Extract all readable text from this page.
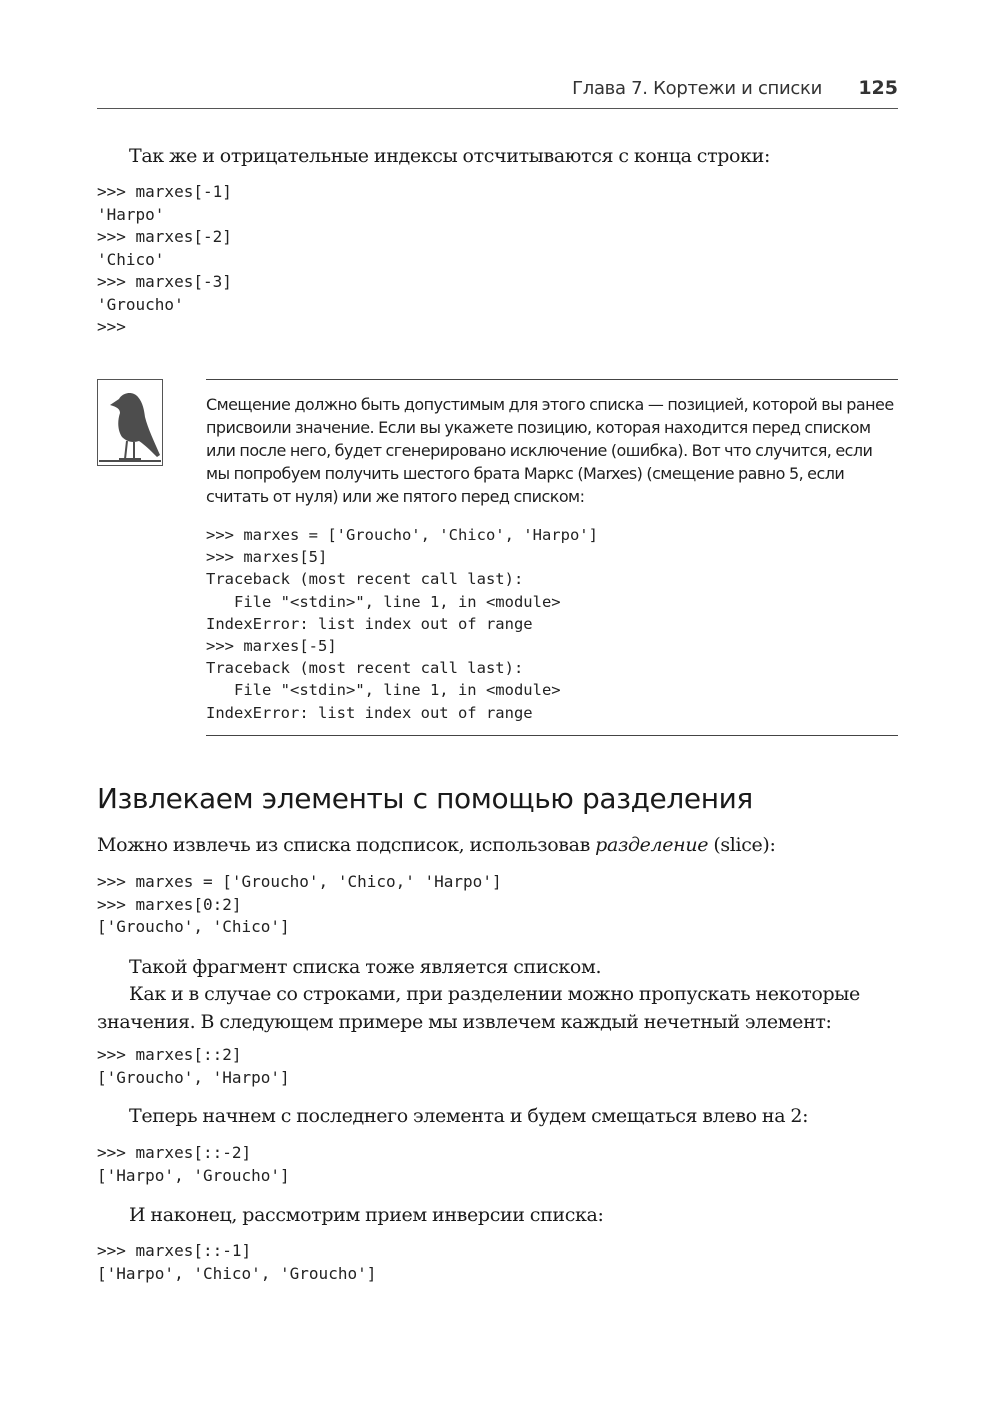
Глава 7. Кортежи и списки 125

Так же и отрицательные индексы отсчитываются с конца строки:

>>> marxes[-1]
'Harpo'
>>> marxes[-2]
'Chico'
>>> marxes[-3]
'Groucho'
>>>

Смещение должно быть допустимым для этого списка — позицией, которой вы ранее присвоили значение. Если вы укажете позицию, которая находится перед списком или после него, будет сгенерировано исключение (ошибка). Вот что случится, если мы попробуем получить шестого брата Маркс (Marxes) (смещение равно 5, если считать от нуля) или же пятого перед списком:

>>> marxes = ['Groucho', 'Chico', 'Harpo']
>>> marxes[5]
Traceback (most recent call last):
File "<stdin>", line 1, in <module>
IndexError: list index out of range
>>> marxes[-5]
Traceback (most recent call last):
File "<stdin>", line 1, in <module>
IndexError: list index out of range
Извлекаем элементы с помощью разделения

Можно извлечь из списка подсписок, использовав разделение (slice):

>>> marxes = ['Groucho', 'Chico,' 'Harpo']
>>> marxes[0:2]
['Groucho', 'Chico']

Такой фрагмент списка тоже является списком.

Как и в случае со строками, при разделении можно пропускать некоторые значения. В следующем примере мы извлечем каждый нечетный элемент:

>>> marxes[::2]
['Groucho', 'Harpo']

Теперь начнем с последнего элемента и будем смещаться влево на 2:

>>> marxes[::-2]
['Harpo', 'Groucho']

И наконец, рассмотрим прием инверсии списка:

>>> marxes[::-1]
['Harpo', 'Chico', 'Groucho']
